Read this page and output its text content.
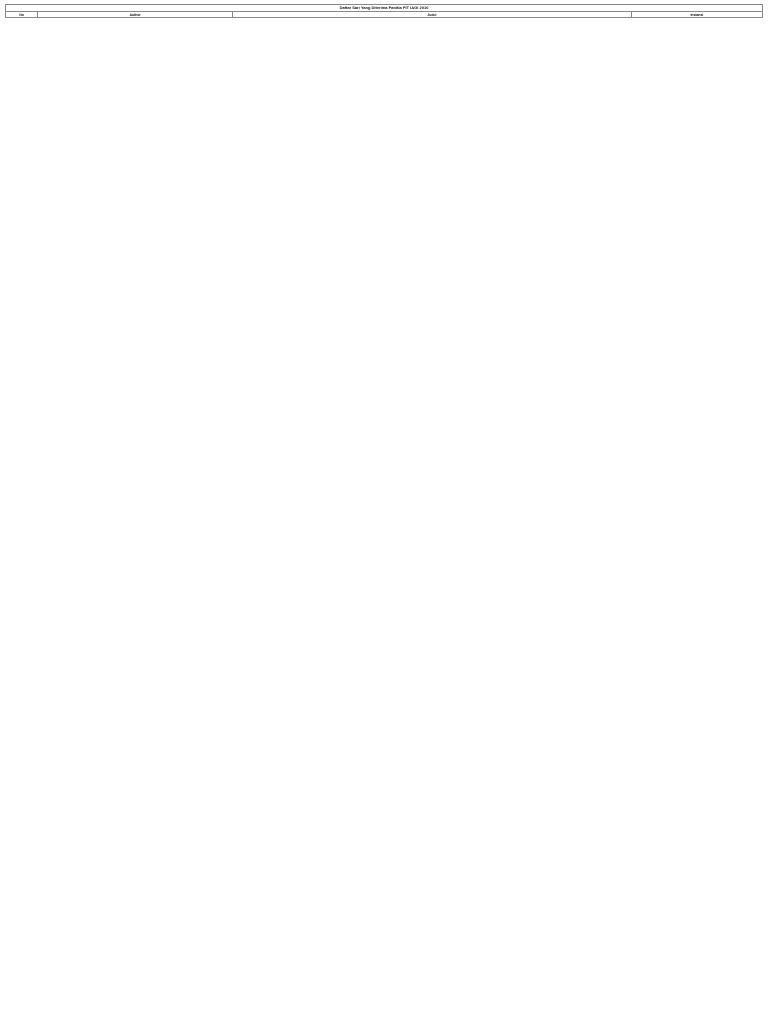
Daftar Sari Yang Diterima Panitia PIT IAGI 2010
No	Author	Judul	Instansi
